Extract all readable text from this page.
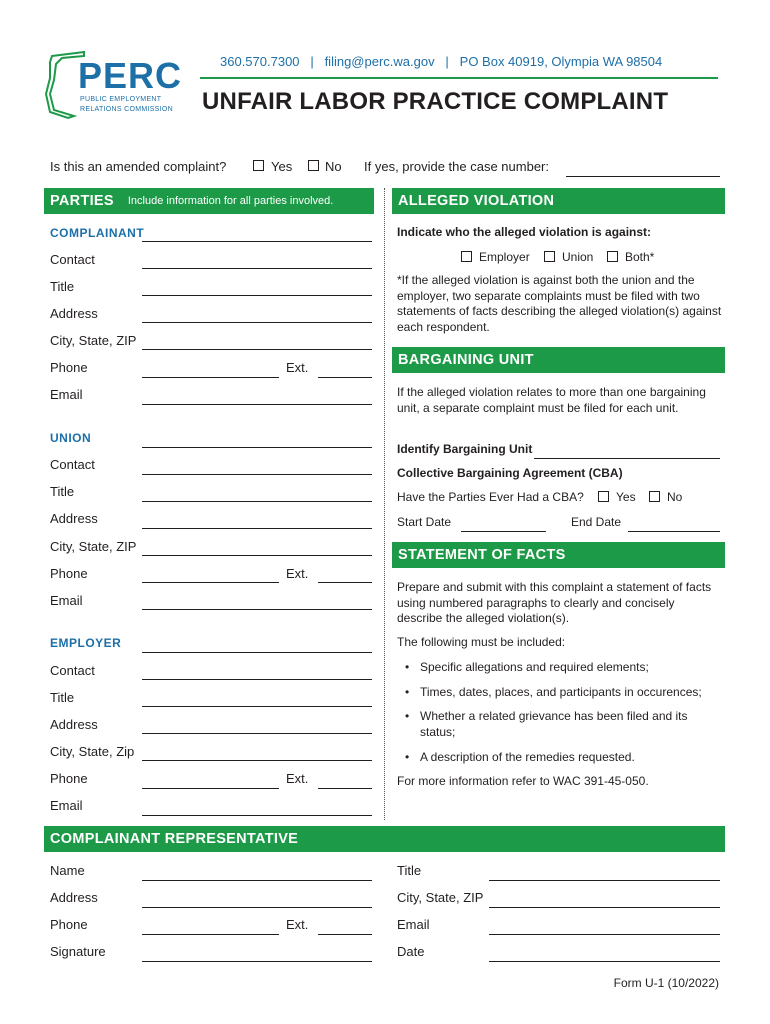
PERC
PUBLIC EMPLOYMENT
RELATIONS COMMISSION
360.570.7300   |   filing@perc.wa.gov   |   PO Box 40919, Olympia WA 98504
UNFAIR LABOR PRACTICE COMPLAINT
Is this an amended complaint?	Yes	No If yes, provide the case number:
PARTIES Include information for all parties involved.
COMPLAINANT
Contact
Title
Address
City, State, ZIP
Phone	Ext.
Email
UNION
Contact
Title
Address
City, State, ZIP
Phone	Ext.
Email
EMPLOYER
Contact
Title
Address
City, State, Zip
Phone	Ext.
Email
ALLEGED VIOLATION
Indicate who the alleged violation is against:
Employer	Union	Both*
*If the alleged violation is against both the union and the employer, two separate complaints must be filed with two statements of facts describing the alleged violation(s) against each respondent.
BARGAINING UNIT
If the alleged violation relates to more than one bargaining unit, a separate complaint must be filed for each unit.
Identify Bargaining Unit
Collective Bargaining Agreement (CBA)
Have the Parties Ever Had a CBA?	Yes	No
Start Date	End Date
STATEMENT OF FACTS
Prepare and submit with this complaint a statement of facts using numbered paragraphs to clearly and concisely describe the alleged violation(s).
The following must be included:
• Specific allegations and required elements;
• Times, dates, places, and participants in occurences;
• Whether a related grievance has been filed and its status;
• A description of the remedies requested.
For more information refer to WAC 391-45-050.
COMPLAINANT REPRESENTATIVE
Name
Address
Phone	Ext.
Signature
Title
City, State, ZIP
Email
Date
Form U-1 (10/2022)
